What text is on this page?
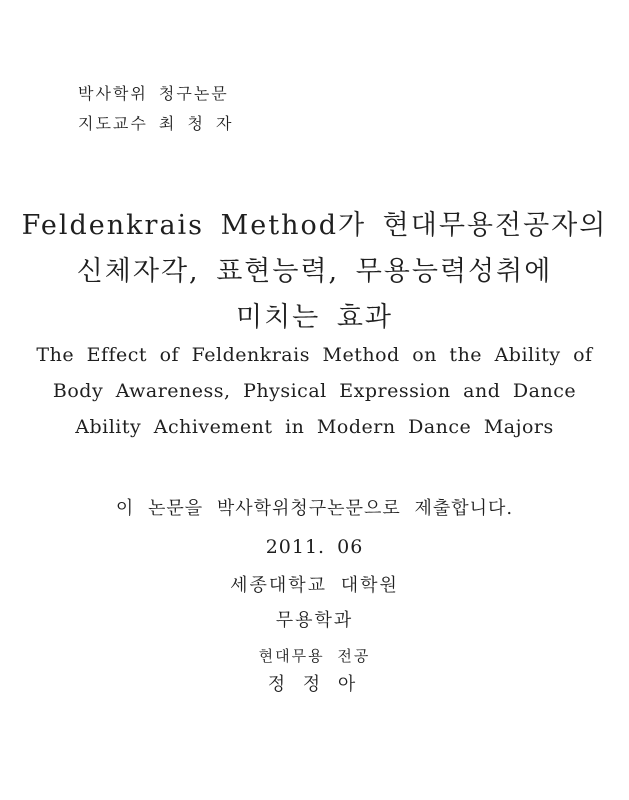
박사학위 청구논문
지도교수 최 청 자
Feldenkrais Method가 현대무용전공자의
신체자각, 표현능력, 무용능력성취에
미치는 효과
The Effect of Feldenkrais Method on the Ability of
Body Awareness, Physical Expression and Dance
Ability Achivement in Modern Dance Majors
이 논문을 박사학위청구논문으로 제출합니다.
2011. 06
세종대학교 대학원
무용학과
현대무용 전공
정 정 아
